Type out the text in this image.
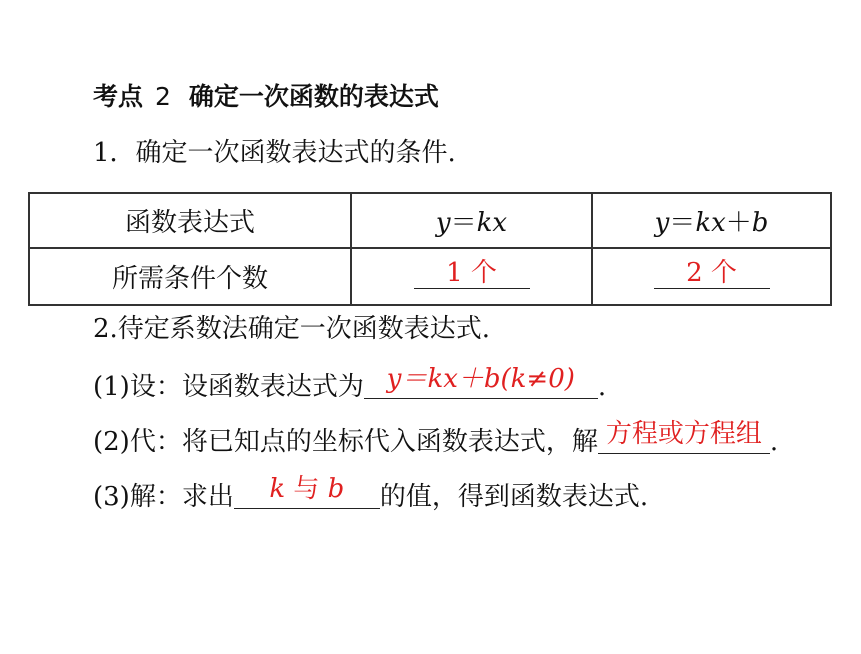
考点 2 确定一次函数的表达式
1．确定一次函数表达式的条件.
函数表达式	y＝kx	y＝kx＋b
所需条件个数	1 个	2 个
2.待定系数法确定一次函数表达式.
(1)设：设函数表达式为 y＝kx＋b(k≠0) .
(2)代：将已知点的坐标代入函数表达式，解 方程或方程组 .
(3)解：求出	k 与 b	的值，得到函数表达式.
